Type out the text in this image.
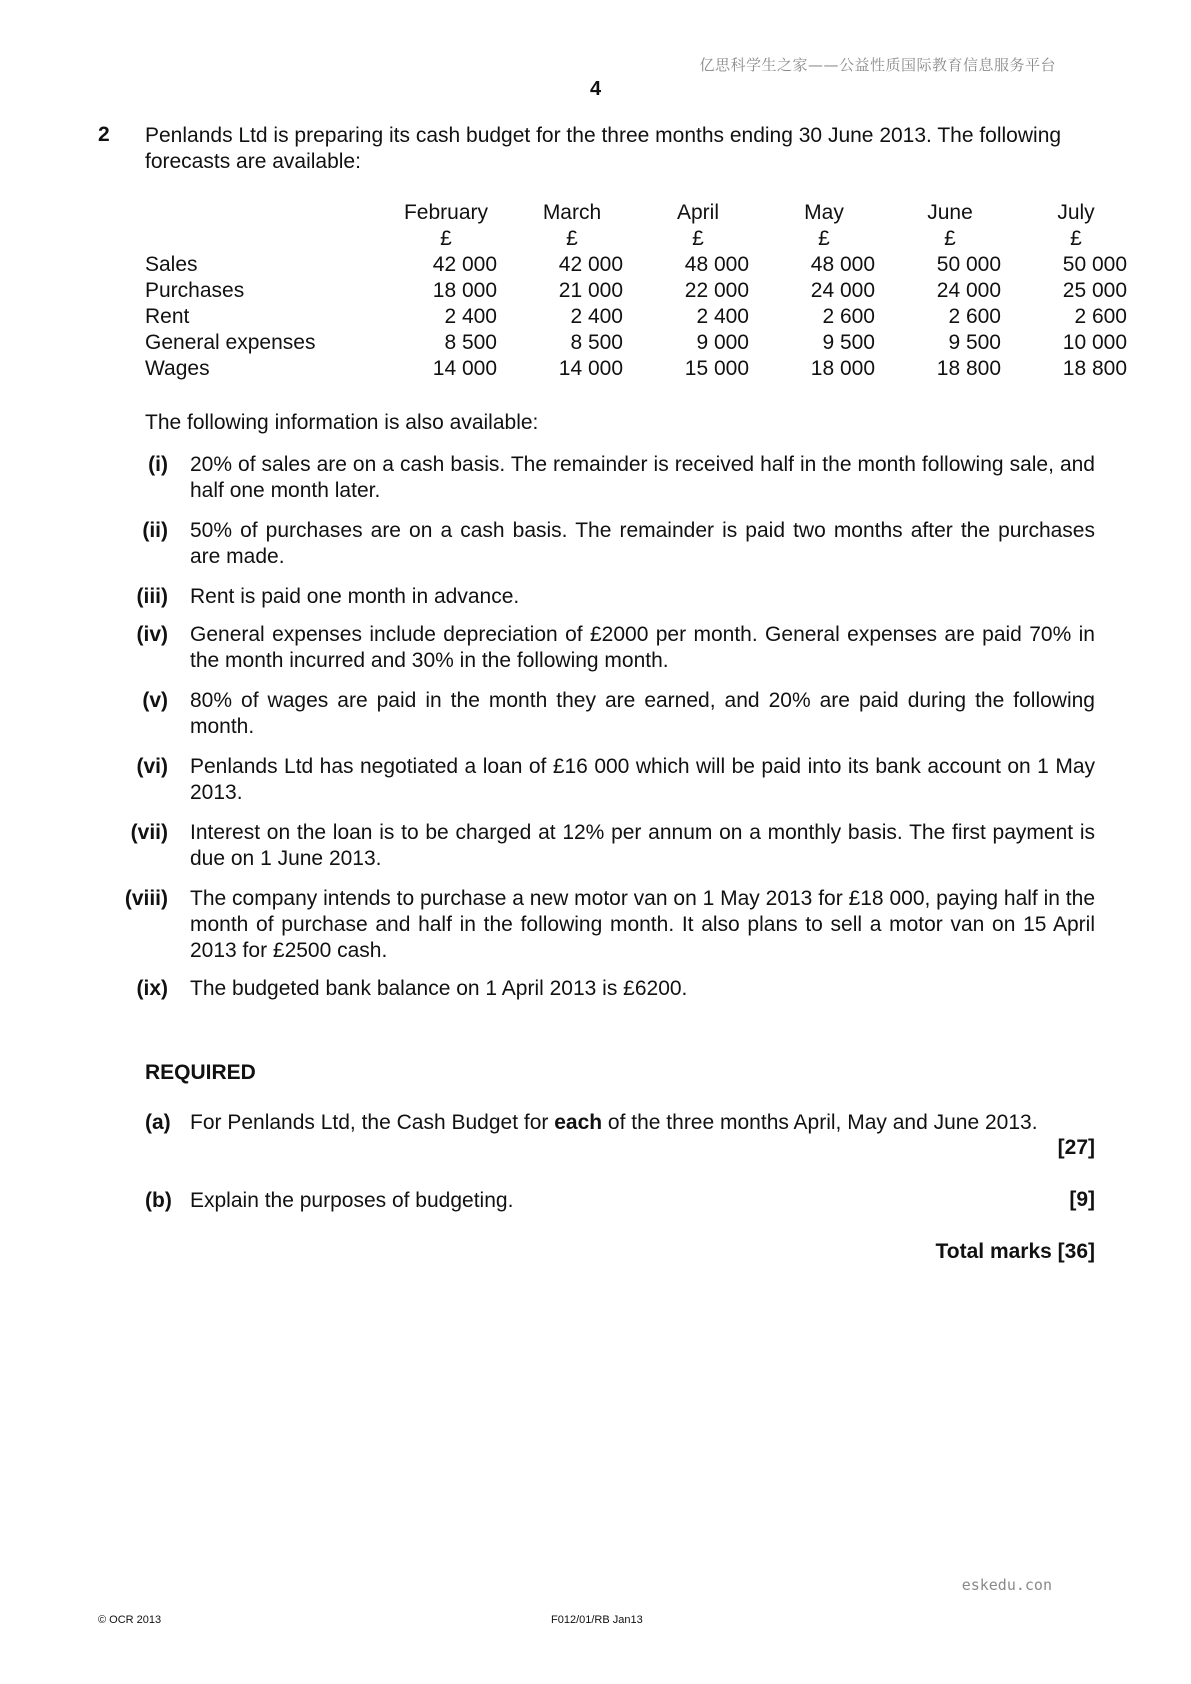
亿思科学生之家——公益性质国际教育信息服务平台
4
2 Penlands Ltd is preparing its cash budget for the three months ending 30 June 2013. The following forecasts are available:
	February	March	April	May	June	July
	£	£	£	£	£	£
Sales	42 000	42 000	48 000	48 000	50 000	50 000
Purchases	18 000	21 000	22 000	24 000	24 000	25 000
Rent	2 400	2 400	2 400	2 600	2 600	2 600
General expenses	8 500	8 500	9 000	9 500	9 500	10 000
Wages	14 000	14 000	15 000	18 000	18 800	18 800
The following information is also available:
(i) 20% of sales are on a cash basis. The remainder is received half in the month following sale, and half one month later.
(ii) 50% of purchases are on a cash basis. The remainder is paid two months after the purchases are made.
(iii) Rent is paid one month in advance.
(iv) General expenses include depreciation of £2000 per month. General expenses are paid 70% in the month incurred and 30% in the following month.
(v) 80% of wages are paid in the month they are earned, and 20% are paid during the following month.
(vi) Penlands Ltd has negotiated a loan of £16 000 which will be paid into its bank account on 1 May 2013.
(vii) Interest on the loan is to be charged at 12% per annum on a monthly basis. The first payment is due on 1 June 2013.
(viii) The company intends to purchase a new motor van on 1 May 2013 for £18 000, paying half in the month of purchase and half in the following month. It also plans to sell a motor van on 15 April 2013 for £2500 cash.
(ix) The budgeted bank balance on 1 April 2013 is £6200.
REQUIRED
(a) For Penlands Ltd, the Cash Budget for each of the three months April, May and June 2013.
[27]
(b) Explain the purposes of budgeting.	[9]
Total marks [36]
eskedu.con
© OCR 2013	F012/01/RB Jan13
